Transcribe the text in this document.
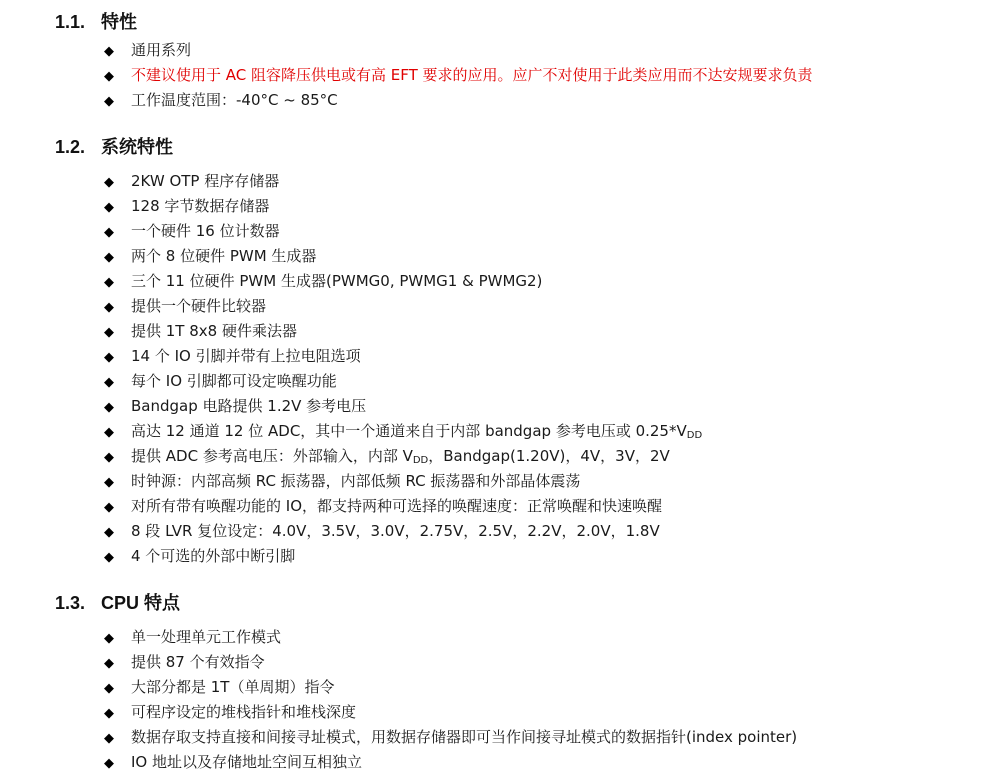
1.1. 特性
◆ 通用系列
◆ 不建议使用于 AC 阻容降压供电或有高 EFT 要求的应用。应广不对使用于此类应用而不达安规要求负责
◆ 工作温度范围：-40°C ~ 85°C
1.2. 系统特性
◆ 2KW OTP 程序存储器
◆ 128 字节数据存储器
◆ 一个硬件 16 位计数器
◆ 两个 8 位硬件 PWM 生成器
◆ 三个 11 位硬件 PWM 生成器(PWMG0, PWMG1 & PWMG2)
◆ 提供一个硬件比较器
◆ 提供 1T 8x8 硬件乘法器
◆ 14 个 IO 引脚并带有上拉电阻选项
◆ 每个 IO 引脚都可设定唤醒功能
◆ Bandgap 电路提供 1.2V 参考电压
◆ 高达 12 通道 12 位 ADC，其中一个通道来自于内部 bandgap 参考电压或 $0.25*V_{DD}$
◆ 提供 ADC 参考高电压：外部输入，内部 $V_{DD}$，Bandgap(1.20V)，4V，3V，2V
◆ 时钟源：内部高频 RC 振荡器，内部低频 RC 振荡器和外部晶体震荡
◆ 对所有带有唤醒功能的 IO，都支持两种可选择的唤醒速度：正常唤醒和快速唤醒
◆ 8 段 LVR 复位设定：4.0V，3.5V，3.0V，2.75V，2.5V，2.2V，2.0V，1.8V
◆ 4 个可选的外部中断引脚
1.3. CPU 特点
◆ 单一处理单元工作模式
◆ 提供 87 个有效指令
◆ 大部分都是 1T（单周期）指令
◆ 可程序设定的堆栈指针和堆栈深度
◆ 数据存取支持直接和间接寻址模式，用数据存储器即可当作间接寻址模式的数据指针(index pointer)
◆ IO 地址以及存储地址空间互相独立
